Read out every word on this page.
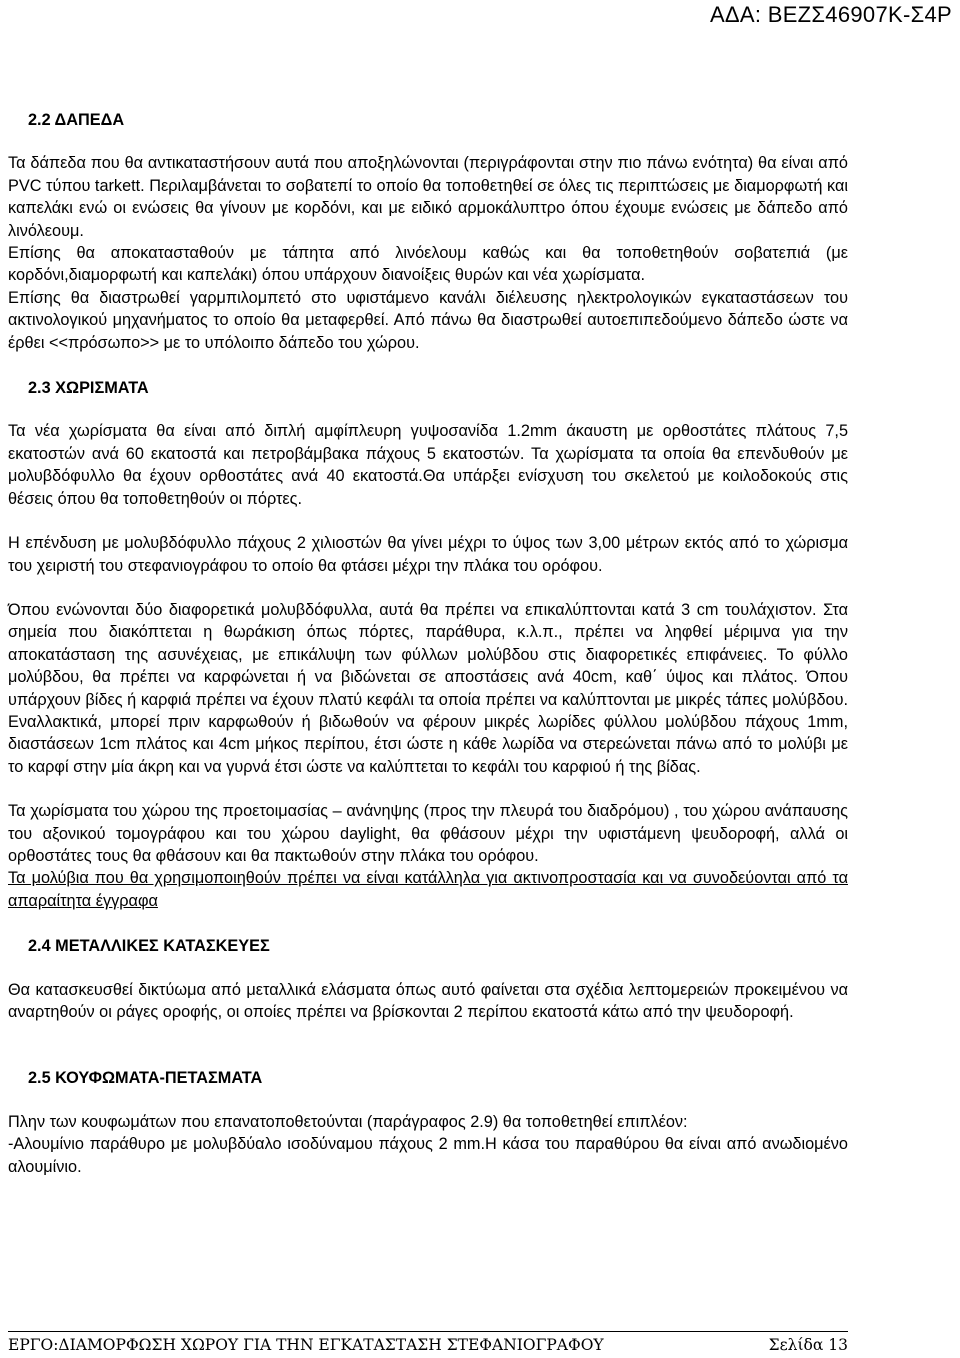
ΑΔΑ: ΒΕΖΣ46907Κ-Σ4Ρ
2.2 ΔΑΠΕΔΑ

Τα δάπεδα που θα αντικαταστήσουν αυτά που αποξηλώνονται (περιγράφονται στην πιο πάνω ενότητα) θα είναι από PVC τύπου tarkett. Περιλαμβάνεται το σοβατεπί το οποίο θα τοποθετηθεί σε όλες τις περιπτώσεις με διαμορφωτή και καπελάκι ενώ οι ενώσεις θα γίνουν με κορδόνι, και με ειδικό αρμοκάλυπτρο όπου έχουμε ενώσεις με δάπεδο από λινόλεουμ.

Επίσης θα αποκατασταθούν με τάπητα από λινόελουμ καθώς και θα τοποθετηθούν σοβατεπιά (με κορδόνι,διαμορφωτή και καπελάκι) όπου υπάρχουν διανοίξεις θυρών και νέα χωρίσματα.

Επίσης θα διαστρωθεί γαρμπιλομπετό στο υφιστάμενο κανάλι διέλευσης ηλεκτρολογικών εγκαταστάσεων του ακτινολογικού μηχανήματος το οποίο θα μεταφερθεί. Από πάνω θα διαστρωθεί αυτοεπιπεδούμενο δάπεδο ώστε να έρθει <<πρόσωπο>> με το υπόλοιπο δάπεδο του χώρου.

2.3 ΧΩΡΙΣΜΑΤΑ

Τα νέα χωρίσματα θα είναι από διπλή αμφίπλευρη γυψοσανίδα 1.2mm άκαυστη με ορθοστάτες πλάτους 7,5 εκατοστών ανά 60 εκατοστά και πετροβάμβακα πάχους 5 εκατοστών. Τα χωρίσματα τα οποία θα επενδυθούν με μολυβδόφυλλο θα έχουν ορθοστάτες ανά 40 εκατοστά.Θα υπάρξει ενίσχυση του σκελετού με κοιλοδοκούς στις θέσεις όπου θα τοποθετηθούν οι πόρτες.

Η επένδυση με μολυβδόφυλλο πάχους 2 χιλιοστών θα γίνει μέχρι το ύψος των 3,00 μέτρων εκτός από το χώρισμα του χειριστή του στεφανιογράφου το οποίο θα φτάσει μέχρι την πλάκα του ορόφου.

Όπου ενώνονται δύο διαφορετικά μολυβδόφυλλα, αυτά θα πρέπει να επικαλύπτονται κατά 3 cm τουλάχιστον. Στα σημεία που διακόπτεται η θωράκιση όπως πόρτες, παράθυρα, κ.λ.π., πρέπει να ληφθεί μέριμνα για την αποκατάσταση της ασυνέχειας, με επικάλυψη των φύλλων μολύβδου στις διαφορετικές επιφάνειες. Το φύλλο μολύβδου, θα πρέπει να καρφώνεται ή να βιδώνεται σε αποστάσεις ανά 40cm, καθ΄ ύψος και πλάτος. Όπου υπάρχουν βίδες ή καρφιά πρέπει να έχουν πλατύ κεφάλι τα οποία πρέπει να καλύπτονται με μικρές τάπες μολύβδου. Εναλλακτικά, μπορεί πριν καρφωθούν ή βιδωθούν να φέρουν μικρές λωρίδες φύλλου μολύβδου πάχους 1mm, διαστάσεων 1cm πλάτος και 4cm μήκος περίπου, έτσι ώστε η κάθε λωρίδα να στερεώνεται πάνω από το μολύβι με το καρφί στην μία άκρη και να γυρνά έτσι ώστε να καλύπτεται το κεφάλι του καρφιού ή της βίδας.

Τα χωρίσματα του χώρου της προετοιμασίας – ανάνηψης (προς την πλευρά του διαδρόμου) , του χώρου ανάπαυσης του αξονικού τομογράφου και του χώρου daylight, θα φθάσουν μέχρι την υφιστάμενη ψευδοροφή, αλλά οι ορθοστάτες τους θα φθάσουν και θα πακτωθούν στην πλάκα του ορόφου.

Τα μολύβια που θα χρησιμοποιηθούν πρέπει να είναι κατάλληλα για ακτινοπροστασία και να συνοδεύονται από τα απαραίτητα έγγραφα

2.4 ΜΕΤΑΛΛΙΚΕΣ ΚΑΤΑΣΚΕΥΕΣ

Θα κατασκευσθεί δικτύωμα από μεταλλικά ελάσματα όπως αυτό φαίνεται στα σχέδια λεπτομερειών προκειμένου να αναρτηθούν οι ράγες οροφής, οι οποίες πρέπει να βρίσκονται 2 περίπου εκατοστά κάτω από την ψευδοροφή.

2.5 ΚΟΥΦΩΜΑΤΑ-ΠΕΤΑΣΜΑΤΑ

Πλην των κουφωμάτων που επανατοποθετούνται (παράγραφος 2.9) θα τοποθετηθεί επιπλέον:

-Αλουμίνιο παράθυρο με μολυβδύαλο ισοδύναμου πάχους 2 mm.Η κάσα του παραθύρου θα είναι από ανωδιομένο αλουμίνιο.

ΕΡΓΟ:ΔΙΑΜΟΡΦΩΣΗ ΧΩΡΟΥ ΓΙΑ ΤΗΝ ΕΓΚΑΤΑΣΤΑΣΗ ΣΤΕΦΑΝΙΟΓΡΑΦΟΥ	Σελίδα 13
